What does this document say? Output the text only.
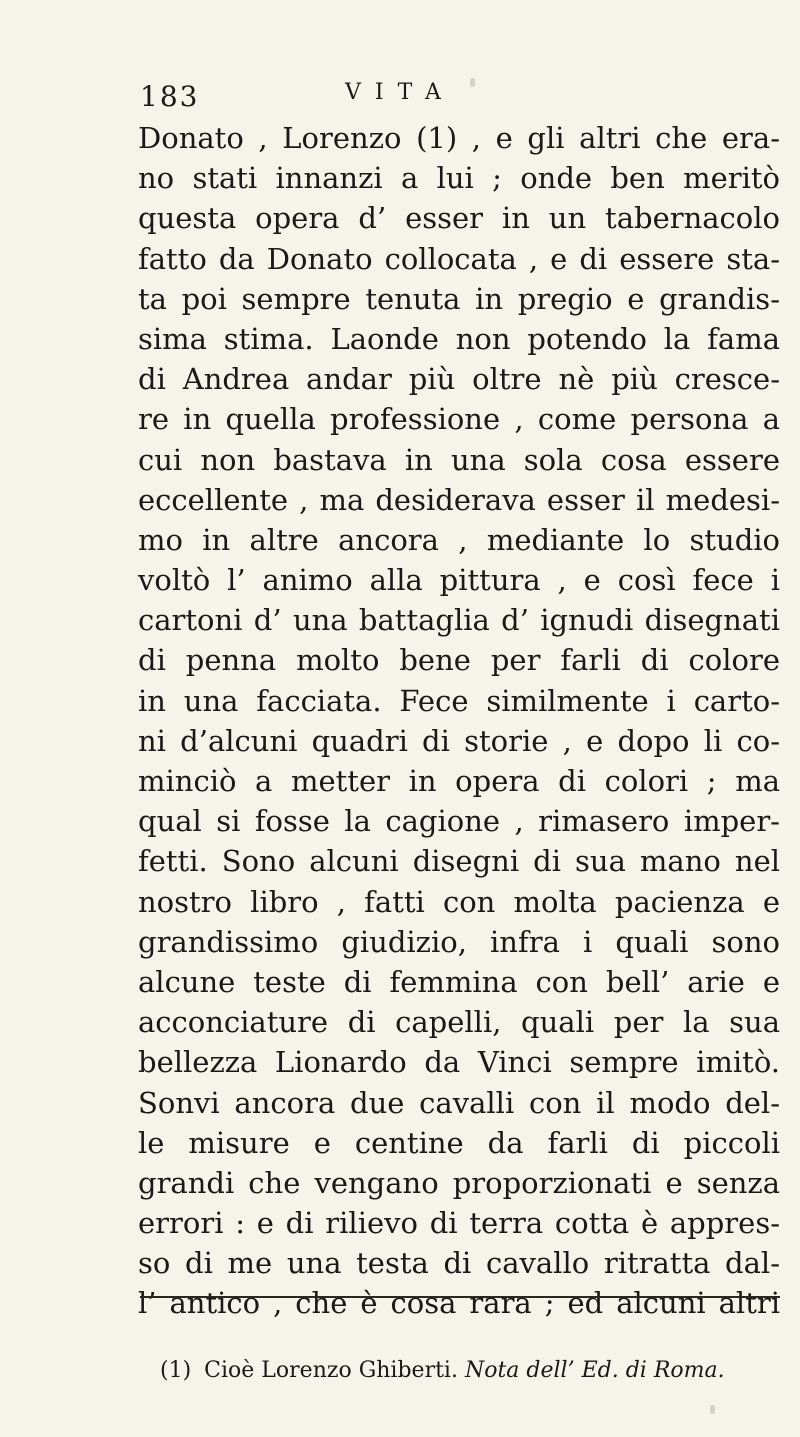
183	VITA
Donato , Lorenzo (1) , e gli altri che era-
no stati innanzi a lui ; onde ben meritò
questa opera d’ esser in un tabernacolo
fatto da Donato collocata , e di essere sta-
ta poi sempre tenuta in pregio e grandis-
sima stima. Laonde non potendo la fama
di Andrea andar più oltre nè più cresce-
re in quella professione , come persona a
cui non bastava in una sola cosa essere
eccellente , ma desiderava esser il medesi-
mo in altre ancora , mediante lo studio
voltò l’ animo alla pittura , e così fece i
cartoni d’ una battaglia d’ ignudi disegnati
di penna molto bene per farli di colore
in una facciata. Fece similmente i carto-
ni d’alcuni quadri di storie , e dopo li co-
minciò a metter in opera di colori ; ma
qual si fosse la cagione , rimasero imper-
fetti. Sono alcuni disegni di sua mano nel
nostro libro , fatti con molta pacienza e
grandissimo giudizio, infra i quali sono
alcune teste di femmina con bell’ arie e
acconciature di capelli, quali per la sua
bellezza Lionardo da Vinci sempre imitò.
Sonvi ancora due cavalli con il modo del-
le misure e centine da farli di piccoli
grandi che vengano proporzionati e senza
errori : e di rilievo di terra cotta è appres-
so di me una testa di cavallo ritratta dal-
l’ antico , che è cosa rara ; ed alcuni altri
(1) Cioè Lorenzo Ghiberti. Nota dell’ Ed. di Roma.
